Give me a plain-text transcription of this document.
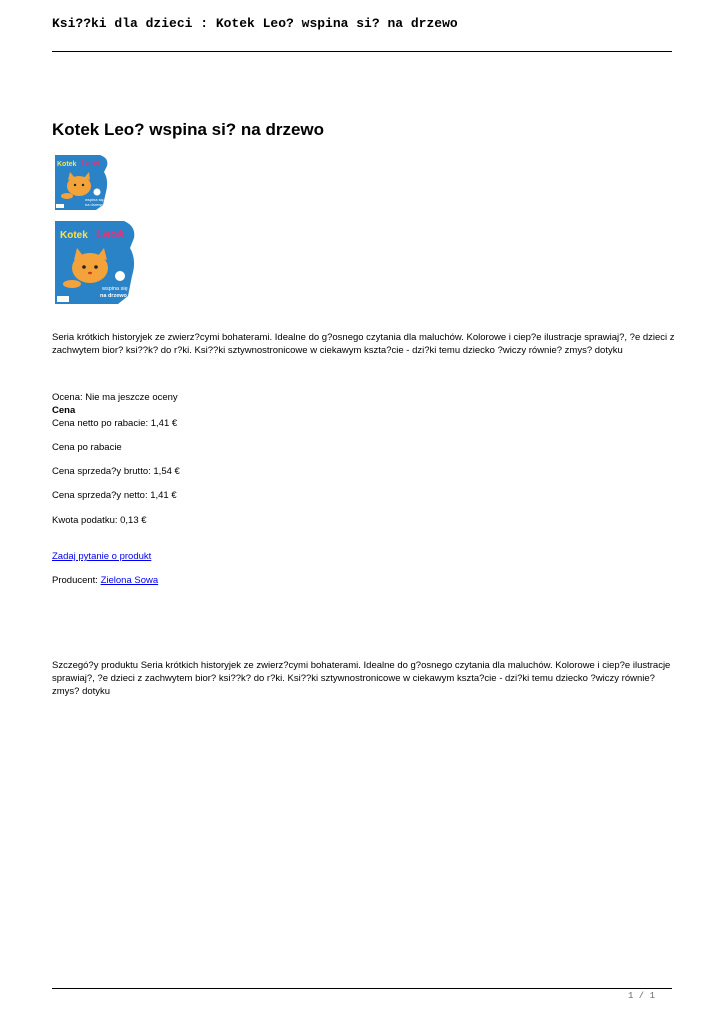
Ksi??ki dla dzieci : Kotek Leo? wspina si? na drzewo
Kotek Leo? wspina si? na drzewo
Kotek Leoś
wspina się
na drzewo
Kotek Leoś
wspina się
na drzewo
Seria krótkich historyjek ze zwierz?cymi bohaterami. Idealne do g?osnego czytania dla maluchów. Kolorowe i ciep?e ilustracje sprawiaj?, ?e dzieci z zachwytem bior? ksi??k? do r?ki. Ksi??ki sztywnostronicowe w ciekawym kszta?cie - dzi?ki temu dziecko ?wiczy równie? zmys? dotyku
Ocena: Nie ma jeszcze oceny
Cena
Cena netto po rabacie: 1,41 €
Cena po rabacie
Cena sprzeda?y brutto: 1,54 €
Cena sprzeda?y netto: 1,41 €
Kwota podatku: 0,13 €
Zadaj pytanie o produkt
Producent: Zielona Sowa
Szczegó?y produktu Seria krótkich historyjek ze zwierz?cymi bohaterami. Idealne do g?osnego czytania dla maluchów. Kolorowe i ciep?e ilustracje sprawiaj?, ?e dzieci z zachwytem bior? ksi??k? do r?ki. Ksi??ki sztywnostronicowe w ciekawym kszta?cie - dzi?ki temu dziecko ?wiczy równie? zmys? dotyku
1 / 1
